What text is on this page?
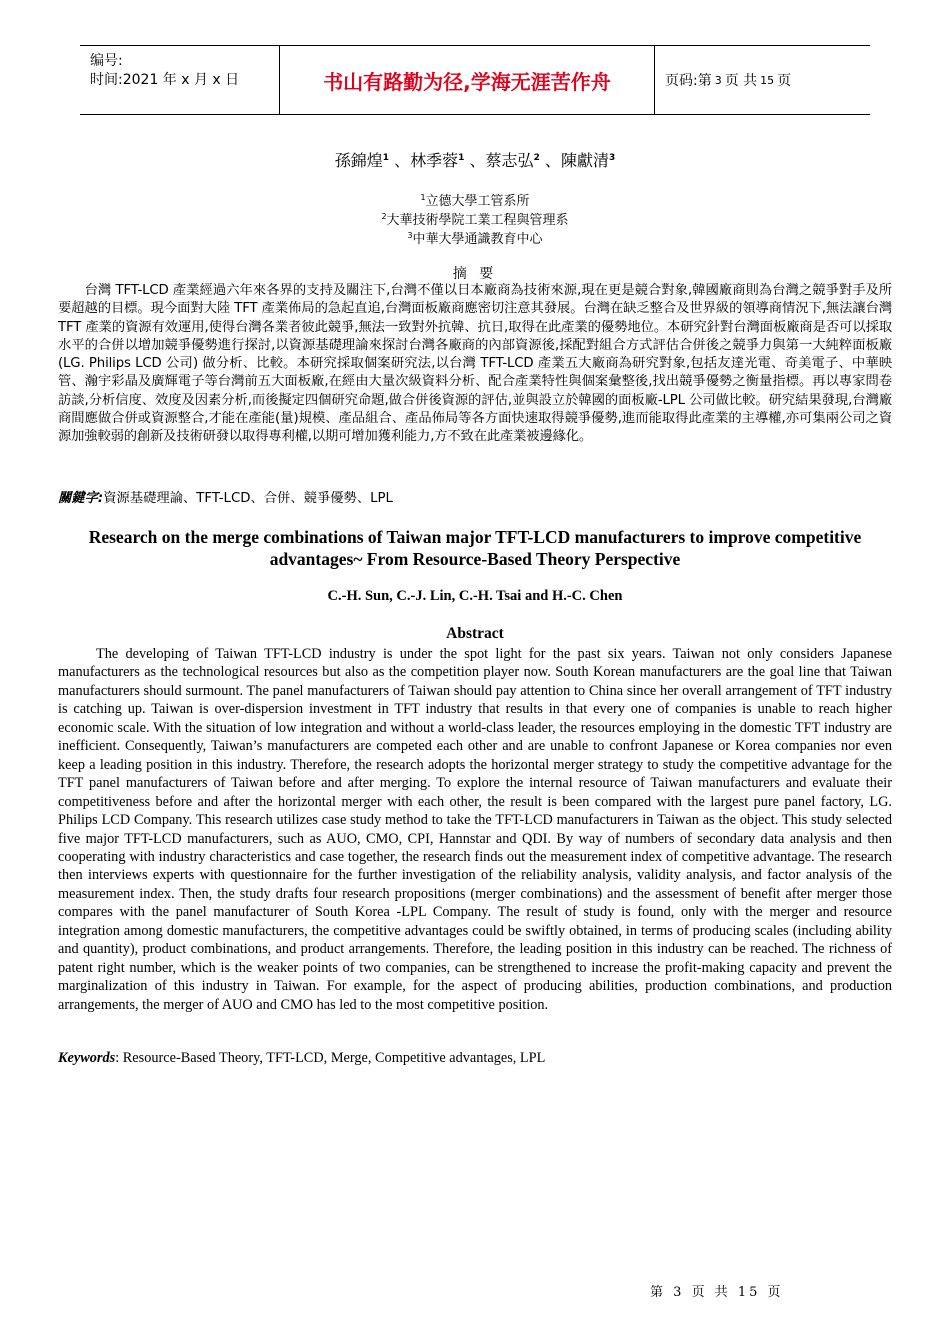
编号:
时间:2021 年 x 月 x 日	书山有路勤为径,学海无涯苦作舟	页码:第 3 页 共 15 页
孫錦煌$^1$ 、林季蓉$^1$ 、蔡志弘$^2$ 、陳獻清$^3$
$^1$立德大學工管系所
$^2$大華技術學院工業工程與管理系
$^3$中華大學通識教育中心
摘 要

台灣 TFT-LCD 產業經過六年來各界的支持及關注下,台灣不僅以日本廠商為技術來源,現在更是競合對象,韓國廠商則為台灣之競爭對手及所要超越的目標。現今面對大陸 TFT 產業佈局的急起直追,台灣面板廠商應密切注意其發展。台灣在缺乏整合及世界級的領導商情況下,無法讓台灣 TFT 產業的資源有效運用,使得台灣各業者彼此競爭,無法一致對外抗韓、抗日,取得在此產業的優勢地位。本研究針對台灣面板廠商是否可以採取水平的合併以增加競爭優勢進行探討,以資源基礎理論來探討台灣各廠商的內部資源後,採配對組合方式評估合併後之競爭力與第一大純粹面板廠 (LG. Philips LCD 公司) 做分析、比較。本研究採取個案研究法,以台灣 TFT-LCD 產業五大廠商為研究對象,包括友達光電、奇美電子、中華映管、瀚宇彩晶及廣輝電子等台灣前五大面板廠,在經由大量次級資料分析、配合產業特性與個案彙整後,找出競爭優勢之衡量指標。再以專家問卷訪談,分析信度、效度及因素分析,而後擬定四個研究命題,做合併後資源的評估,並與設立於韓國的面板廠-LPL 公司做比較。研究結果發現,台灣廠商間應做合併或資源整合,才能在產能(量)規模、產品組合、產品佈局等各方面快速取得競爭優勢,進而能取得此產業的主導權,亦可集兩公司之資源加強較弱的創新及技術研發以取得專利權,以期可增加獲利能力,方不致在此產業被邊緣化。

關鍵字:資源基礎理論、TFT-LCD、合併、競爭優勢、LPL
Research on the merge combinations of Taiwan major TFT-LCD manufacturers to improve competitive advantages~ From Resource-Based Theory Perspective
C.-H. Sun, C.-J. Lin, C.-H. Tsai and H.-C. Chen
Abstract

The developing of Taiwan TFT-LCD industry is under the spot light for the past six years. Taiwan not only considers Japanese manufacturers as the technological resources but also as the competition player now. South Korean manufacturers are the goal line that Taiwan manufacturers should surmount. The panel manufacturers of Taiwan should pay attention to China since her overall arrangement of TFT industry is catching up. Taiwan is over-dispersion investment in TFT industry that results in that every one of companies is unable to reach higher economic scale. With the situation of low integration and without a world-class leader, the resources employing in the domestic TFT industry are inefficient. Consequently, Taiwan’s manufacturers are competed each other and are unable to confront Japanese or Korea companies nor even keep a leading position in this industry. Therefore, the research adopts the horizontal merger strategy to study the competitive advantage for the TFT panel manufacturers of Taiwan before and after merging. To explore the internal resource of Taiwan manufacturers and evaluate their competitiveness before and after the horizontal merger with each other, the result is been compared with the largest pure panel factory, LG. Philips LCD Company. This research utilizes case study method to take the TFT-LCD manufacturers in Taiwan as the object. This study selected five major TFT-LCD manufacturers, such as AUO, CMO, CPI, Hannstar and QDI. By way of numbers of secondary data analysis and then cooperating with industry characteristics and case together, the research finds out the measurement index of competitive advantage. The research then interviews experts with questionnaire for the further investigation of the reliability analysis, validity analysis, and factor analysis of the measurement index. Then, the study drafts four research propositions (merger combinations) and the assessment of benefit after merger those compares with the panel manufacturer of South Korea -LPL Company. The result of study is found, only with the merger and resource integration among domestic manufacturers, the competitive advantages could be swiftly obtained, in terms of producing scales (including ability and quantity), product combinations, and product arrangements. Therefore, the leading position in this industry can be reached. The richness of patent right number, which is the weaker points of two companies, can be strengthened to increase the profit-making capacity and prevent the marginalization of this industry in Taiwan. For example, for the aspect of producing abilities, production combinations, and production arrangements, the merger of AUO and CMO has led to the most competitive position.

Keywords: Resource-Based Theory, TFT-LCD, Merge, Competitive advantages, LPL
第 3 页 共 15 页
